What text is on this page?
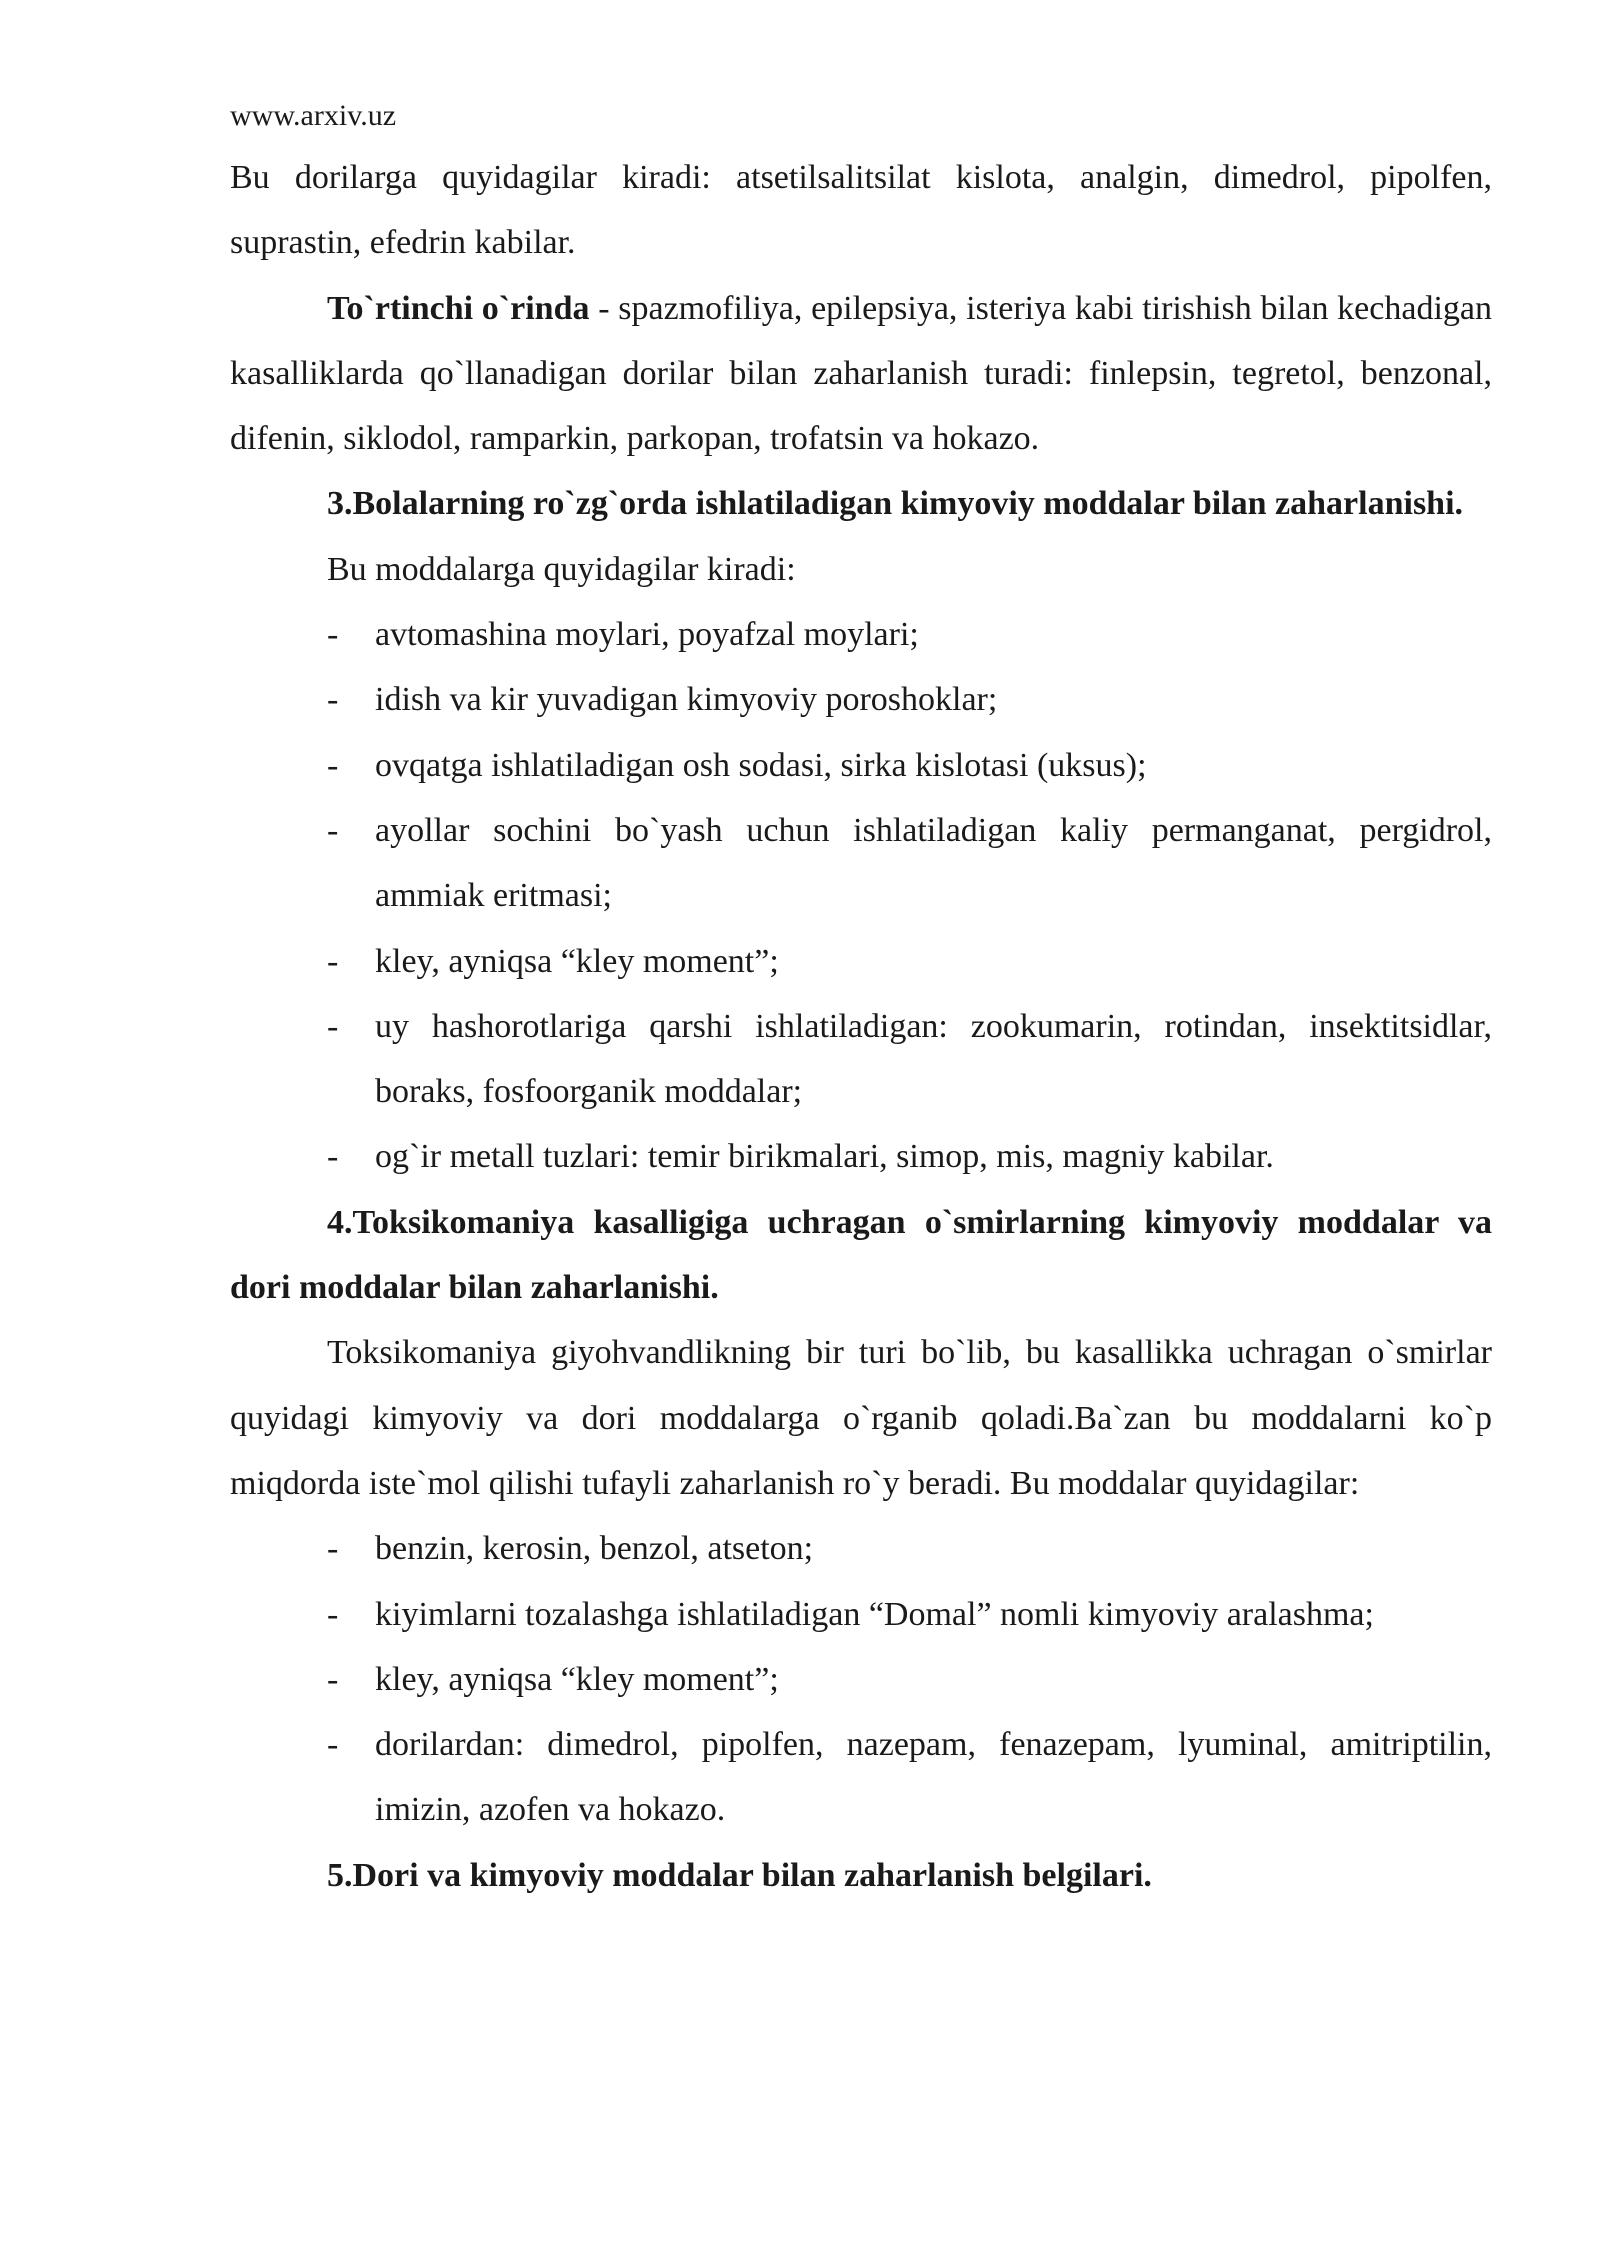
www.arxiv.uz

Bu dorilarga quyidagilar kiradi: atsetilsalitsilat kislota, analgin, dimedrol, pipolfen, suprastin, efedrin kabilar.

To`rtinchi o`rinda - spazmofiliya, epilepsiya, isteriya kabi tirishish bilan kechadigan kasalliklarda qo`llanadigan dorilar bilan zaharlanish turadi: finlepsin, tegretol, benzonal, difenin, siklodol, ramparkin, parkopan, trofatsin va hokazo.

3.Bolalarning ro`zg`orda ishlatiladigan kimyoviy moddalar bilan zaharlanishi.

Bu moddalarga quyidagilar kiradi:

- avtomashina moylari, poyafzal moylari;
- idish va kir yuvadigan kimyoviy poroshoklar;
- ovqatga ishlatiladigan osh sodasi, sirka kislotasi (uksus);
- ayollar sochini bo`yash uchun ishlatiladigan kaliy permanganat, pergidrol, ammiak eritmasi;
- kley, ayniqsa “kley moment”;
- uy hashorotlariga qarshi ishlatiladigan: zookumarin, rotindan, insektitsidlar, boraks, fosfoorganik moddalar;
- og`ir metall tuzlari: temir birikmalari, simop, mis, magniy kabilar.

4.Toksikomaniya kasalligiga uchragan o`smirlarning kimyoviy moddalar va dori moddalar bilan zaharlanishi.

Toksikomaniya giyohvandlikning bir turi bo`lib, bu kasallikka uchragan o`smirlar quyidagi kimyoviy va dori moddalarga o`rganib qoladi.Ba`zan bu moddalarni ko`p miqdorda iste`mol qilishi tufayli zaharlanish ro`y beradi. Bu moddalar quyidagilar:

- benzin, kerosin, benzol, atseton;
- kiyimlarni tozalashga ishlatiladigan “Domal” nomli kimyoviy aralashma;
- kley, ayniqsa “kley moment”;
- dorilardan: dimedrol, pipolfen, nazepam, fenazepam, lyuminal, amitriptilin, imizin, azofen va hokazo.

5.Dori va kimyoviy moddalar bilan zaharlanish belgilari.
